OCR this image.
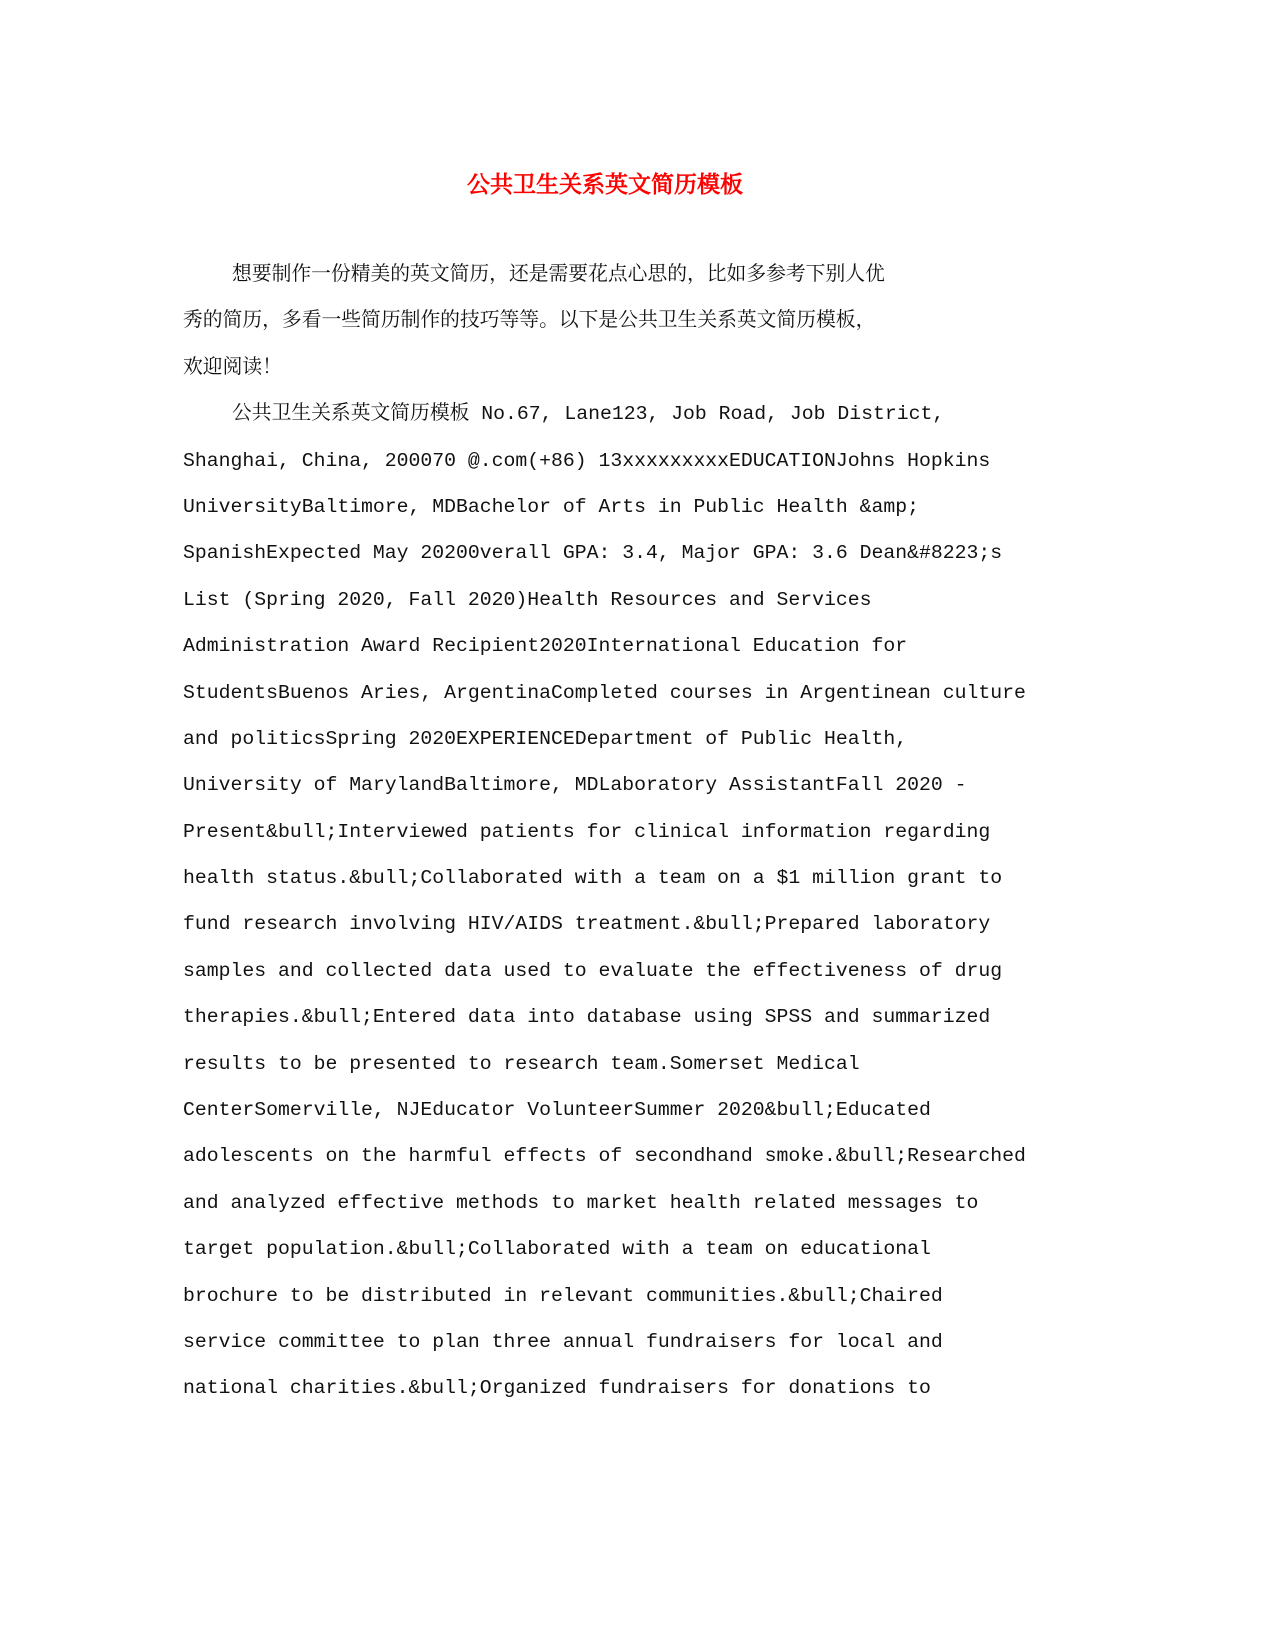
公共卫生关系英文简历模板
想要制作一份精美的英文简历，还是需要花点心思的，比如多参考下别人优
秀的简历，多看一些简历制作的技巧等等。以下是公共卫生关系英文简历模板，
欢迎阅读！
公共卫生关系英文简历模板 No.67, Lane123, Job Road, Job District,
Shanghai, China, 200070 @.com(+86) 13xxxxxxxxxEDUCATIONJohns Hopkins
UniversityBaltimore, MDBachelor of Arts in Public Health &amp;
SpanishExpected May 20200verall GPA: 3.4, Major GPA: 3.6 Dean&#8223;s
List (Spring 2020, Fall 2020)Health Resources and Services
Administration Award Recipient2020International Education for
StudentsBuenos Aries, ArgentinaCompleted courses in Argentinean culture
and politicsSpring 2020EXPERIENCEDepartment of Public Health,
University of MarylandBaltimore, MDLaboratory AssistantFall 2020 -
Present&bull;Interviewed patients for clinical information regarding
health status.&bull;Collaborated with a team on a $1 million grant to
fund research involving HIV/AIDS treatment.&bull;Prepared laboratory
samples and collected data used to evaluate the effectiveness of drug
therapies.&bull;Entered data into database using SPSS and summarized
results to be presented to research team.Somerset Medical
CenterSomerville, NJEducator VolunteerSummer 2020&bull;Educated
adolescents on the harmful effects of secondhand smoke.&bull;Researched
and analyzed effective methods to market health related messages to
target population.&bull;Collaborated with a team on educational
brochure to be distributed in relevant communities.&bull;Chaired
service committee to plan three annual fundraisers for local and
national charities.&bull;Organized fundraisers for donations to
